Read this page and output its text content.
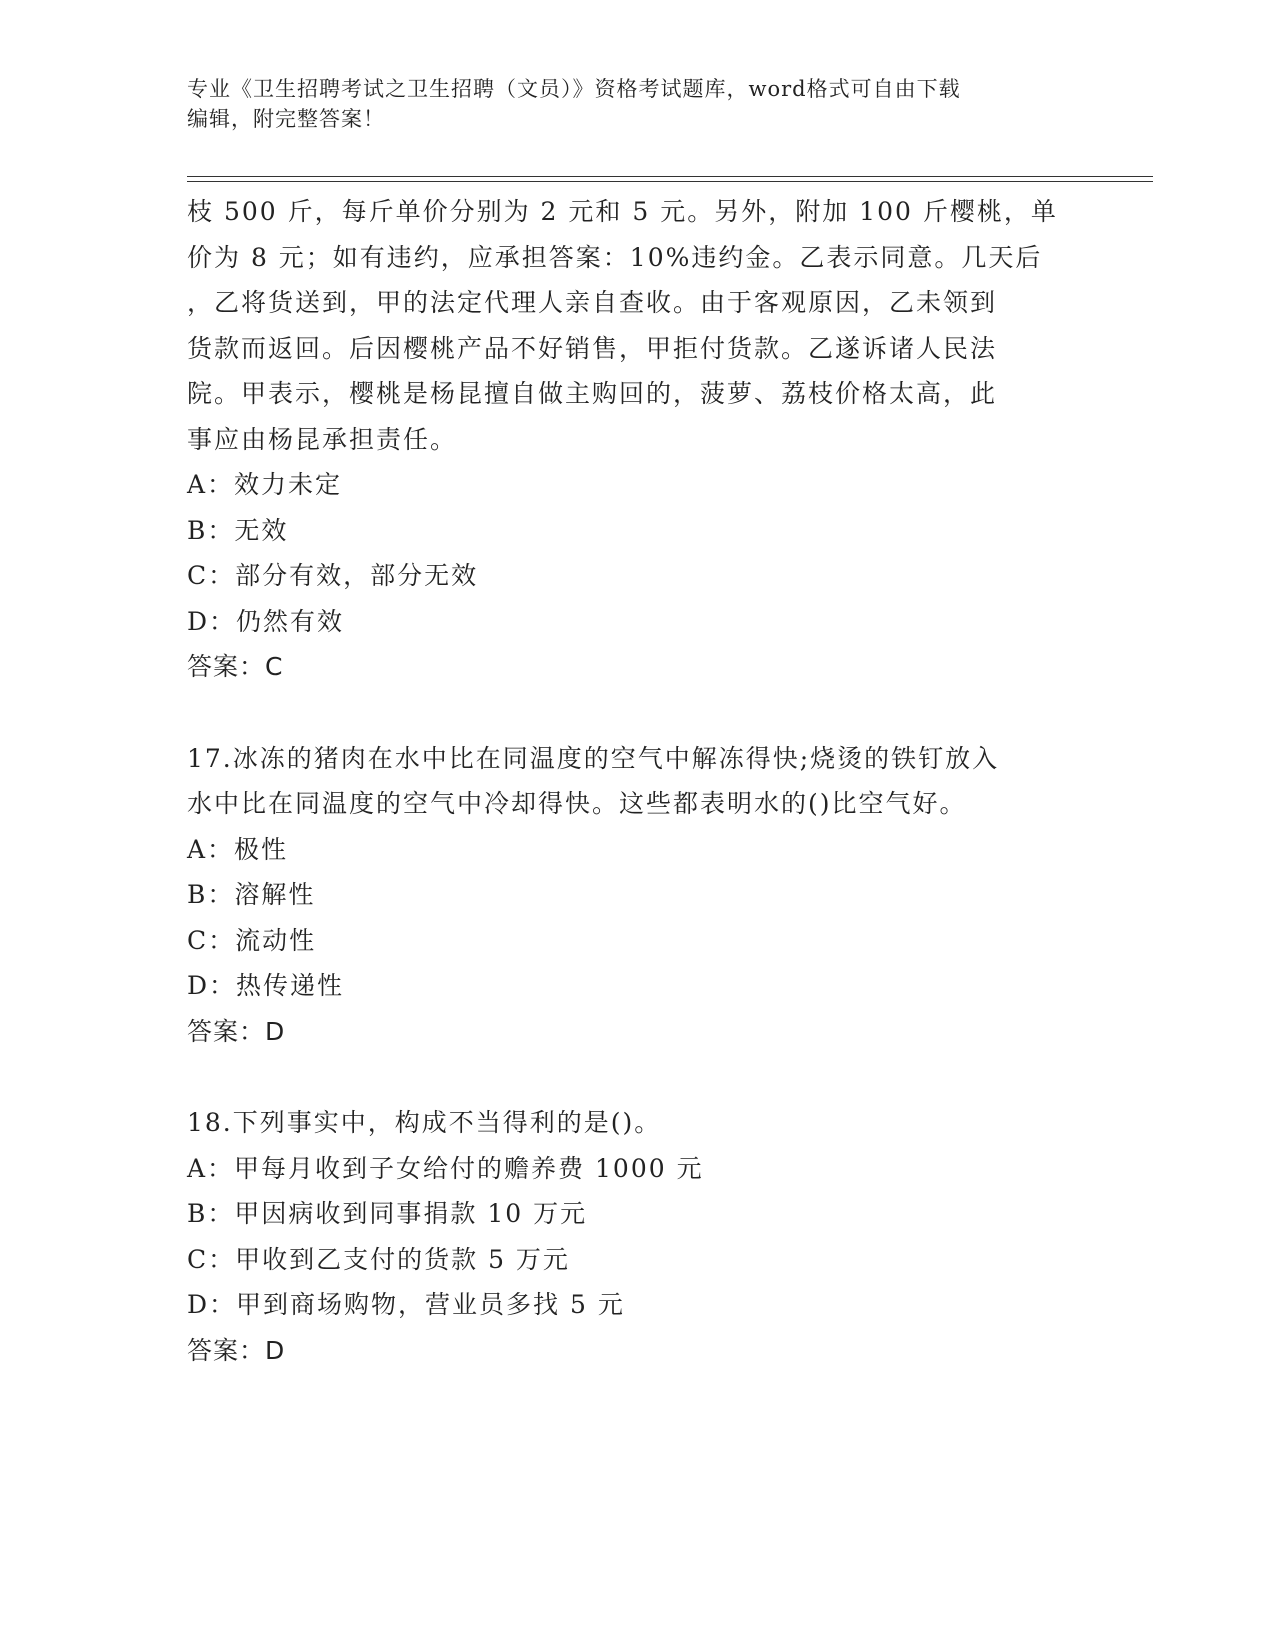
专业《卫生招聘考试之卫生招聘（文员）》资格考试题库，word格式可自由下载
编辑，附完整答案！

枝 500 斤，每斤单价分别为 2 元和 5 元。另外，附加 100 斤樱桃，单

价为 8 元；如有违约，应承担答案：10%违约金。乙表示同意。几天后

，乙将货送到，甲的法定代理人亲自查收。由于客观原因，乙未领到

货款而返回。后因樱桃产品不好销售，甲拒付货款。乙遂诉诸人民法

院。甲表示，樱桃是杨昆擅自做主购回的，菠萝、荔枝价格太高，此

事应由杨昆承担责任。

A：效力未定

B：无效

C：部分有效，部分无效

D：仍然有效

答案：C

17.冰冻的猪肉在水中比在同温度的空气中解冻得快;烧烫的铁钉放入

水中比在同温度的空气中冷却得快。这些都表明水的()比空气好。

A：极性

B：溶解性

C：流动性

D：热传递性

答案：D

18.下列事实中，构成不当得利的是()。

A：甲每月收到子女给付的赡养费 1000 元

B：甲因病收到同事捐款 10 万元

C：甲收到乙支付的货款 5 万元

D：甲到商场购物，营业员多找 5 元

答案：D
